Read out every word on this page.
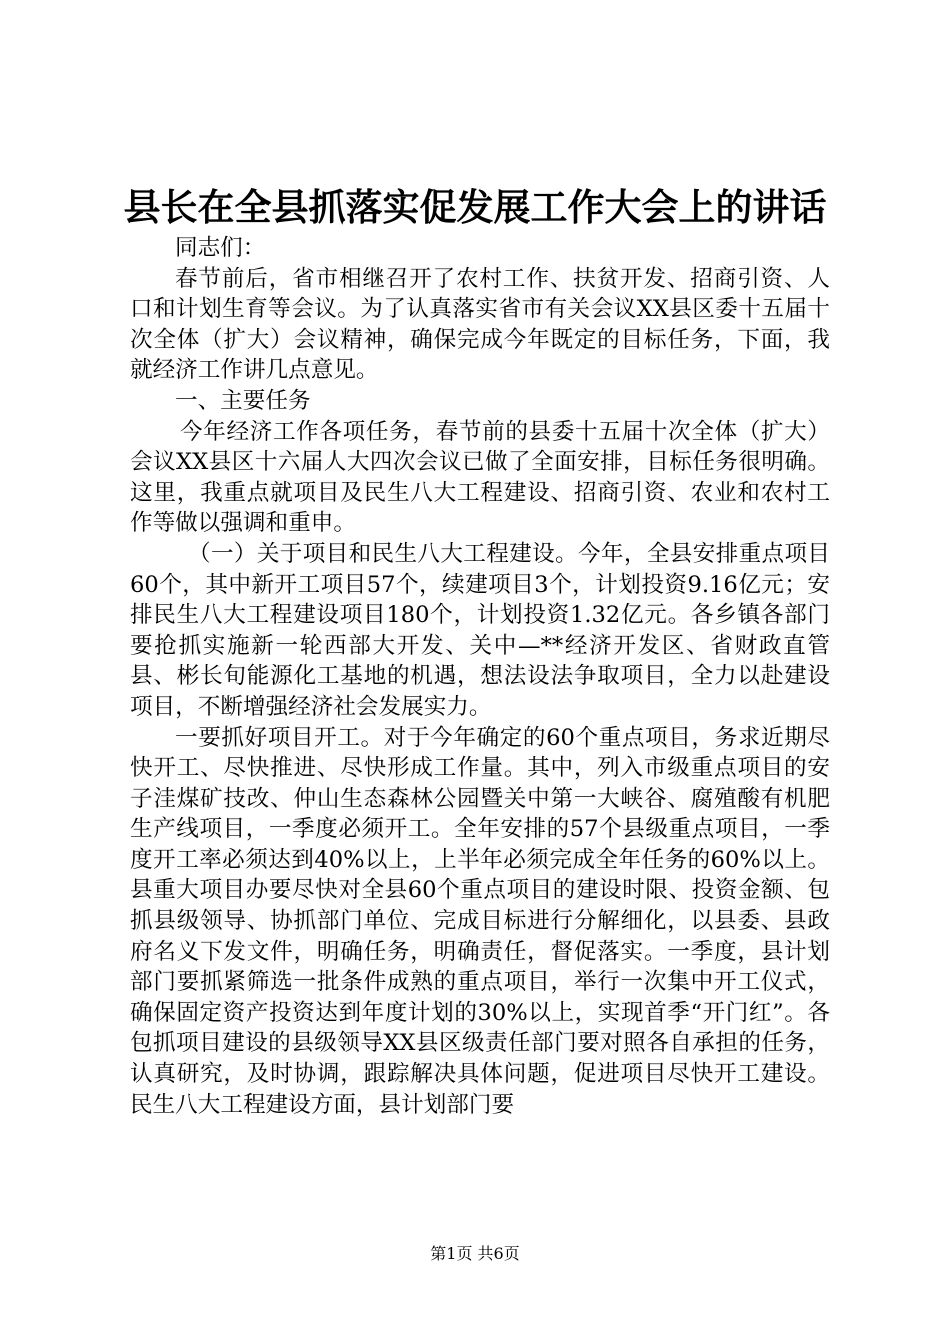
县长在全县抓落实促发展工作大会上的讲话

同志们：

春节前后，省市相继召开了农村工作、扶贫开发、招商引资、人口和计划生育等会议。为了认真落实省市有关会议XX县区委十五届十次全体（扩大）会议精神，确保完成今年既定的目标任务，下面，我就经济工作讲几点意见。

一、主要任务

今年经济工作各项任务，春节前的县委十五届十次全体（扩大）会议XX县区十六届人大四次会议已做了全面安排，目标任务很明确。这里，我重点就项目及民生八大工程建设、招商引资、农业和农村工作等做以强调和重申。

（一）关于项目和民生八大工程建设。今年，全县安排重点项目60个，其中新开工项目57个，续建项目3个，计划投资9.16亿元；安排民生八大工程建设项目180个，计划投资1.32亿元。各乡镇各部门要抢抓实施新一轮西部大开发、关中—**经济开发区、省财政直管县、彬长旬能源化工基地的机遇，想法设法争取项目，全力以赴建设项目，不断增强经济社会发展实力。

一要抓好项目开工。对于今年确定的60个重点项目，务求近期尽快开工、尽快推进、尽快形成工作量。其中，列入市级重点项目的安子洼煤矿技改、仲山生态森林公园暨关中第一大峡谷、腐殖酸有机肥生产线项目，一季度必须开工。全年安排的57个县级重点项目，一季度开工率必须达到40%以上，上半年必须完成全年任务的60%以上。县重大项目办要尽快对全县60个重点项目的建设时限、投资金额、包抓县级领导、协抓部门单位、完成目标进行分解细化，以县委、县政府名义下发文件，明确任务，明确责任，督促落实。一季度，县计划部门要抓紧筛选一批条件成熟的重点项目，举行一次集中开工仪式，确保固定资产投资达到年度计划的30%以上，实现首季“开门红”。各包抓项目建设的县级领导XX县区级责任部门要对照各自承担的任务，认真研究，及时协调，跟踪解决具体问题，促进项目尽快开工建设。民生八大工程建设方面，县计划部门要

第1页 共6页
